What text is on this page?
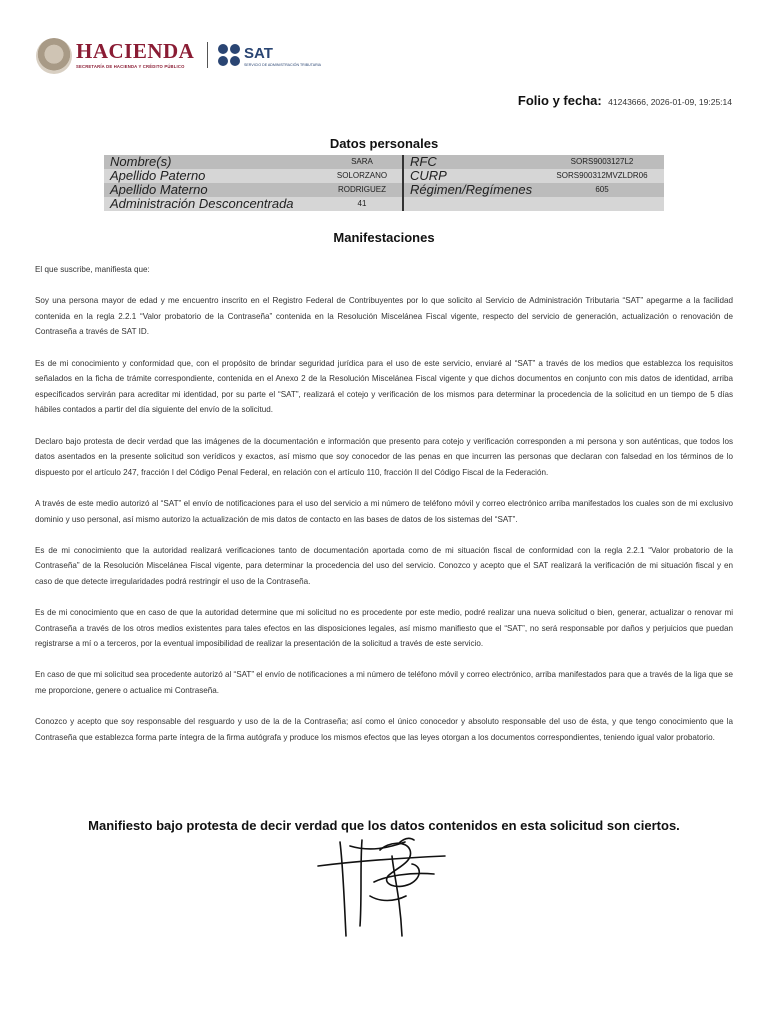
HACIENDA
SECRETARÍA DE HACIENDA Y CRÉDITO PÚBLICO
SAT
SERVICIO DE ADMINISTRACIÓN TRIBUTARIA
Folio y fecha: 41243666, 2026-01-09, 19:25:14
Datos personales
Nombre(s)	SARA		RFC	SORS9003127L2
Apellido Paterno	SOLORZANO		CURP	SORS900312MVZLDR06
Apellido Materno	RODRIGUEZ		Régimen/Regímenes	605
Administración Desconcentrada	41			
Manifestaciones

El que suscribe, manifiesta que:

Soy una persona mayor de edad y me encuentro inscrito en el Registro Federal de Contribuyentes por lo que solicito al Servicio de Administración Tributaria “SAT” apegarme a la facilidad contenida en la regla 2.2.1 “Valor probatorio de la Contraseña” contenida en la Resolución Miscelánea Fiscal vigente, respecto del servicio de generación, actualización o renovación de Contraseña a través de SAT ID.

Es de mi conocimiento y conformidad que, con el propósito de brindar seguridad jurídica para el uso de este servicio, enviaré al “SAT” a través de los medios que establezca los requisitos señalados en la ficha de trámite correspondiente, contenida en el Anexo 2 de la Resolución Miscelánea Fiscal vigente y que dichos documentos en conjunto con mis datos de identidad, arriba especificados servirán para acreditar mi identidad, por su parte el “SAT”, realizará el cotejo y verificación de los mismos para determinar la procedencia de la solicitud en un tiempo de 5 días hábiles contados a partir del día siguiente del envío de la solicitud.

Declaro bajo protesta de decir verdad que las imágenes de la documentación e información que presento para cotejo y verificación corresponden a mi persona y son auténticas, que todos los datos asentados en la presente solicitud son verídicos y exactos, así mismo que soy conocedor de las penas en que incurren las personas que declaran con falsedad en los términos de lo dispuesto por el artículo 247, fracción I del Código Penal Federal, en relación con el artículo 110, fracción II del Código Fiscal de la Federación.

A través de este medio autorizó al “SAT” el envío de notificaciones para el uso del servicio a mi número de teléfono móvil y correo electrónico arriba manifestados los cuales son de mi exclusivo dominio y uso personal, así mismo autorizo la actualización de mis datos de contacto en las bases de datos de los sistemas del “SAT”.

Es de mi conocimiento que la autoridad realizará verificaciones tanto de documentación aportada como de mi situación fiscal de conformidad con la regla 2.2.1 “Valor probatorio de la Contraseña” de la Resolución Miscelánea Fiscal vigente, para determinar la procedencia del uso del servicio. Conozco y acepto que el SAT realizará la verificación de mi situación fiscal y en caso de que detecte irregularidades podrá restringir el uso de la Contraseña.

Es de mi conocimiento que en caso de que la autoridad determine que mi solicitud no es procedente por este medio, podré realizar una nueva solicitud o bien, generar, actualizar o renovar mi Contraseña a través de los otros medios existentes para tales efectos en las disposiciones legales, así mismo manifiesto que el “SAT”, no será responsable por daños y perjuicios que puedan registrarse a mí o a terceros, por la eventual imposibilidad de realizar la presentación de la solicitud a través de este servicio.

En caso de que mi solicitud sea procedente autorizó al “SAT” el envío de notificaciones a mi número de teléfono móvil y correo electrónico, arriba manifestados para que a través de la liga que se me proporcione, genere o actualice mi Contraseña.

Conozco y acepto que soy responsable del resguardo y uso de la de la Contraseña; así como el único conocedor y absoluto responsable del uso de ésta, y que tengo conocimiento que la Contraseña que establezca forma parte íntegra de la firma autógrafa y produce los mismos efectos que las leyes otorgan a los documentos correspondientes, teniendo igual valor probatorio.

Manifiesto bajo protesta de decir verdad que los datos contenidos en esta solicitud son ciertos.
